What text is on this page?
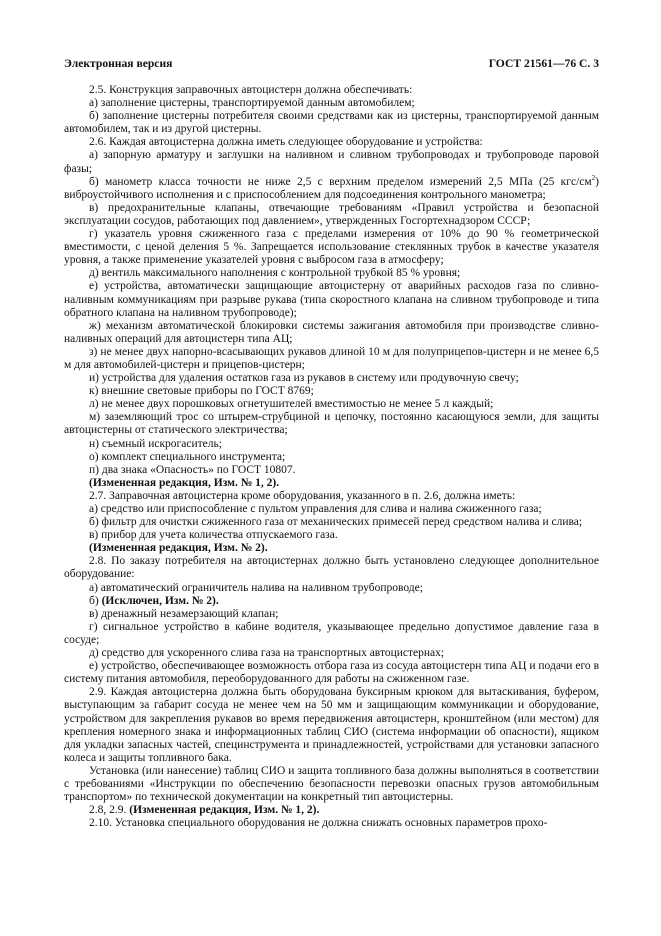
Электронная версия	ГОСТ 21561—76 С. 3

2.5. Конструкция заправочных автоцистерн должна обеспечивать:

а) заполнение цистерны, транспортируемой данным автомобилем;

б) заполнение цистерны потребителя своими средствами как из цистерны, транспортируемой данным автомобилем, так и из другой цистерны.

2.6. Каждая автоцистерна должна иметь следующее оборудование и устройства:

а) запорную арматуру и заглушки на наливном и сливном трубопроводах и трубопроводе паровой фазы;

б) манометр класса точности не ниже 2,5 с верхним пределом измерений 2,5 МПа (25 кгс/$см^2$) виброустойчивого исполнения и с приспособлением для подсоединения контрольного манометра;

в) предохранительные клапаны, отвечающие требованиям «Правил устройства и безопасной эксплуатации сосудов, работающих под давлением», утвержденных Госгортехнадзором СССР;

г) указатель уровня сжиженного газа с пределами измерения от 10% до 90 % геометрической вместимости, с ценой деления 5 %. Запрещается использование стеклянных трубок в качестве указателя уровня, а также применение указателей уровня с выбросом газа в атмосферу;

д) вентиль максимального наполнения с контрольной трубкой 85 % уровня;

е) устройства, автоматически защищающие автоцистерну от аварийных расходов газа по сливно-наливным коммуникациям при разрыве рукава (типа скоростного клапана на сливном трубопроводе и типа обратного клапана на наливном трубопроводе);

ж) механизм автоматической блокировки системы зажигания автомобиля при производстве сливно-наливных операций для автоцистерн типа АЦ;

з) не менее двух напорно-всасывающих рукавов длиной 10 м для полуприцепов-цистерн и не менее 6,5 м для автомобилей-цистерн и прицепов-цистерн;

и) устройства для удаления остатков газа из рукавов в систему или продувочную свечу;

к) внешние световые приборы по ГОСТ 8769;

л) не менее двух порошковых огнетушителей вместимостью не менее 5 л каждый;

м) заземляющий трос со штырем-струбциной и цепочку, постоянно касающуюся земли, для защиты автоцистерны от статического электричества;

н) съемный искрогаситель;

о) комплект специального инструмента;

п) два знака «Опасность» по ГОСТ 10807.

(Измененная редакция, Изм. № 1, 2).

2.7. Заправочная автоцистерна кроме оборудования, указанного в п. 2.6, должна иметь:

а) средство или приспособление с пультом управления для слива и налива сжиженного газа;

б) фильтр для очистки сжиженного газа от механических примесей перед средством налива и слива;

в) прибор для учета количества отпускаемого газа.

(Измененная редакция, Изм. № 2).

2.8. По заказу потребителя на автоцистернах должно быть установлено следующее дополнительное оборудование:

а) автоматический ограничитель налива на наливном трубопроводе;

б) (Исключен, Изм. № 2).

в) дренажный незамерзающий клапан;

г) сигнальное устройство в кабине водителя, указывающее предельно допустимое давление газа в сосуде;

д) средство для ускоренного слива газа на транспортных автоцистернах;

е) устройство, обеспечивающее возможность отбора газа из сосуда автоцистерн типа АЦ и подачи его в систему питания автомобиля, переоборудованного для работы на сжиженном газе.

2.9. Каждая автоцистерна должна быть оборудована буксирным крюком для вытаскивания, буфером, выступающим за габарит сосуда не менее чем на 50 мм и защищающим коммуникации и оборудование, устройством для закрепления рукавов во время передвижения автоцистерн, кронштейном (или местом) для крепления номерного знака и информационных таблиц СИО (система информации об опасности), ящиком для укладки запасных частей, специнструмента и принадлежностей, устройствами для установки запасного колеса и защиты топливного бака.

Установка (или нанесение) таблиц СИО и защита топливного база должны выполняться в соответствии с требованиями «Инструкции по обеспечению безопасности перевозки опасных грузов автомобильным транспортом» по технической документации на конкретный тип автоцистерны.

2.8, 2.9. (Измененная редакция, Изм. № 1, 2).

2.10. Установка специального оборудования не должна снижать основных параметров прохо-
